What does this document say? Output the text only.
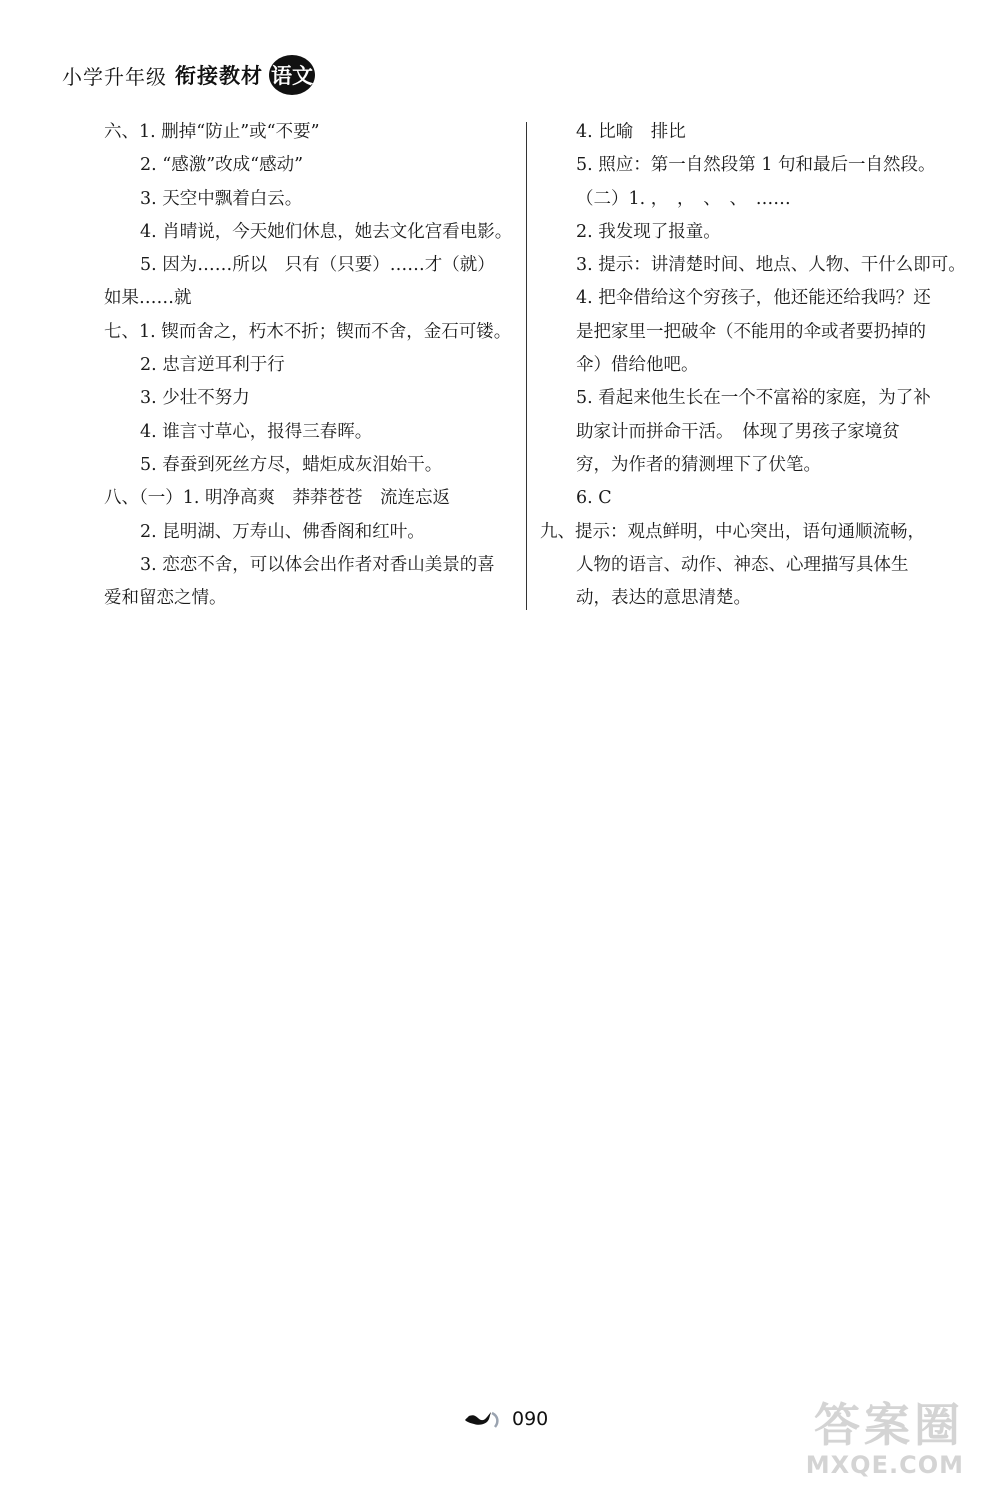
小学升年级 衔接教材 语文
六、1. 删掉“防止”或“不要”
2. “感激”改成“感动”
3. 天空中飘着白云。
4. 肖晴说，今天她们休息，她去文化宫看电影。
5. 因为……所以　只有（只要）……才（就）
如果……就
七、1. 锲而舍之，朽木不折；锲而不舍，金石可镂。
2. 忠言逆耳利于行
3. 少壮不努力
4. 谁言寸草心，报得三春晖。
5. 春蚕到死丝方尽，蜡炬成灰泪始干。
八、（一）1. 明净高爽　莽莽苍苍　流连忘返
2. 昆明湖、万寿山、佛香阁和红叶。
3. 恋恋不舍，可以体会出作者对香山美景的喜
爱和留恋之情。
4. 比喻　排比
5. 照应：第一自然段第 1 句和最后一自然段。
（二）1. ，　，　、　、　……
2. 我发现了报童。
3. 提示：讲清楚时间、地点、人物、干什么即可。
4. 把伞借给这个穷孩子，他还能还给我吗？还
是把家里一把破伞（不能用的伞或者要扔掉的
伞）借给他吧。
5. 看起来他生长在一个不富裕的家庭，为了补
助家计而拼命干活。　体现了男孩子家境贫
穷，为作者的猜测埋下了伏笔。
6. C
九、提示：观点鲜明，中心突出，语句通顺流畅，
人物的语言、动作、神态、心理描写具体生
动，表达的意思清楚。
090	答案圈
MXQE.COM
